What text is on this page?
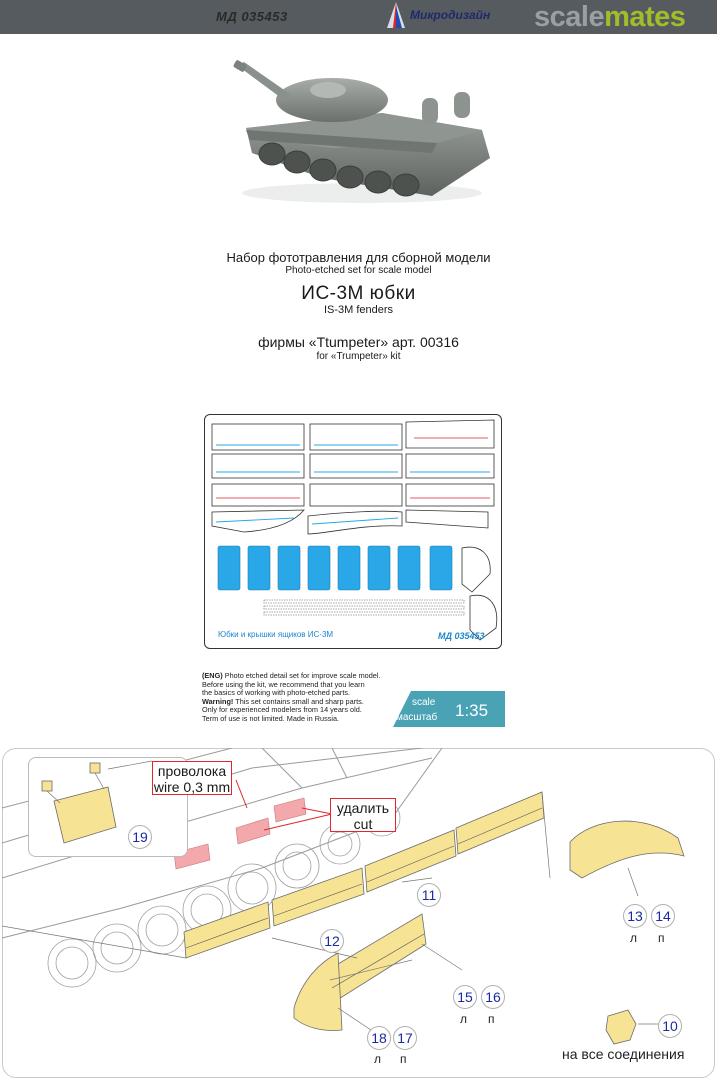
МД 035453	Микродизайн scalemates
Набор фототравления для сборной модели
Photo-etched set for scale model
ИС-3М юбки
IS-3M fenders
фирмы «Ttumpeter» арт. 00316
for «Trumpeter» kit
Юбки и крышки ящиков ИС-3М	МД 035453
(ENG) Photo etched detail set for improve scale model.
Before using the kit, we recommend that you learn
the basics of working with photo-etched parts.
Warning! This set contains small and sharp parts.
Only for experienced modelers from 14 years old.
Term of use is not limited. Made in Russia.
scale
масштаб 1:35
проволока
wire 0,3 mm
удалить
cut
19
11
12
13 14
л п
15 16
л п
18 17
л п
10
на все соединения
